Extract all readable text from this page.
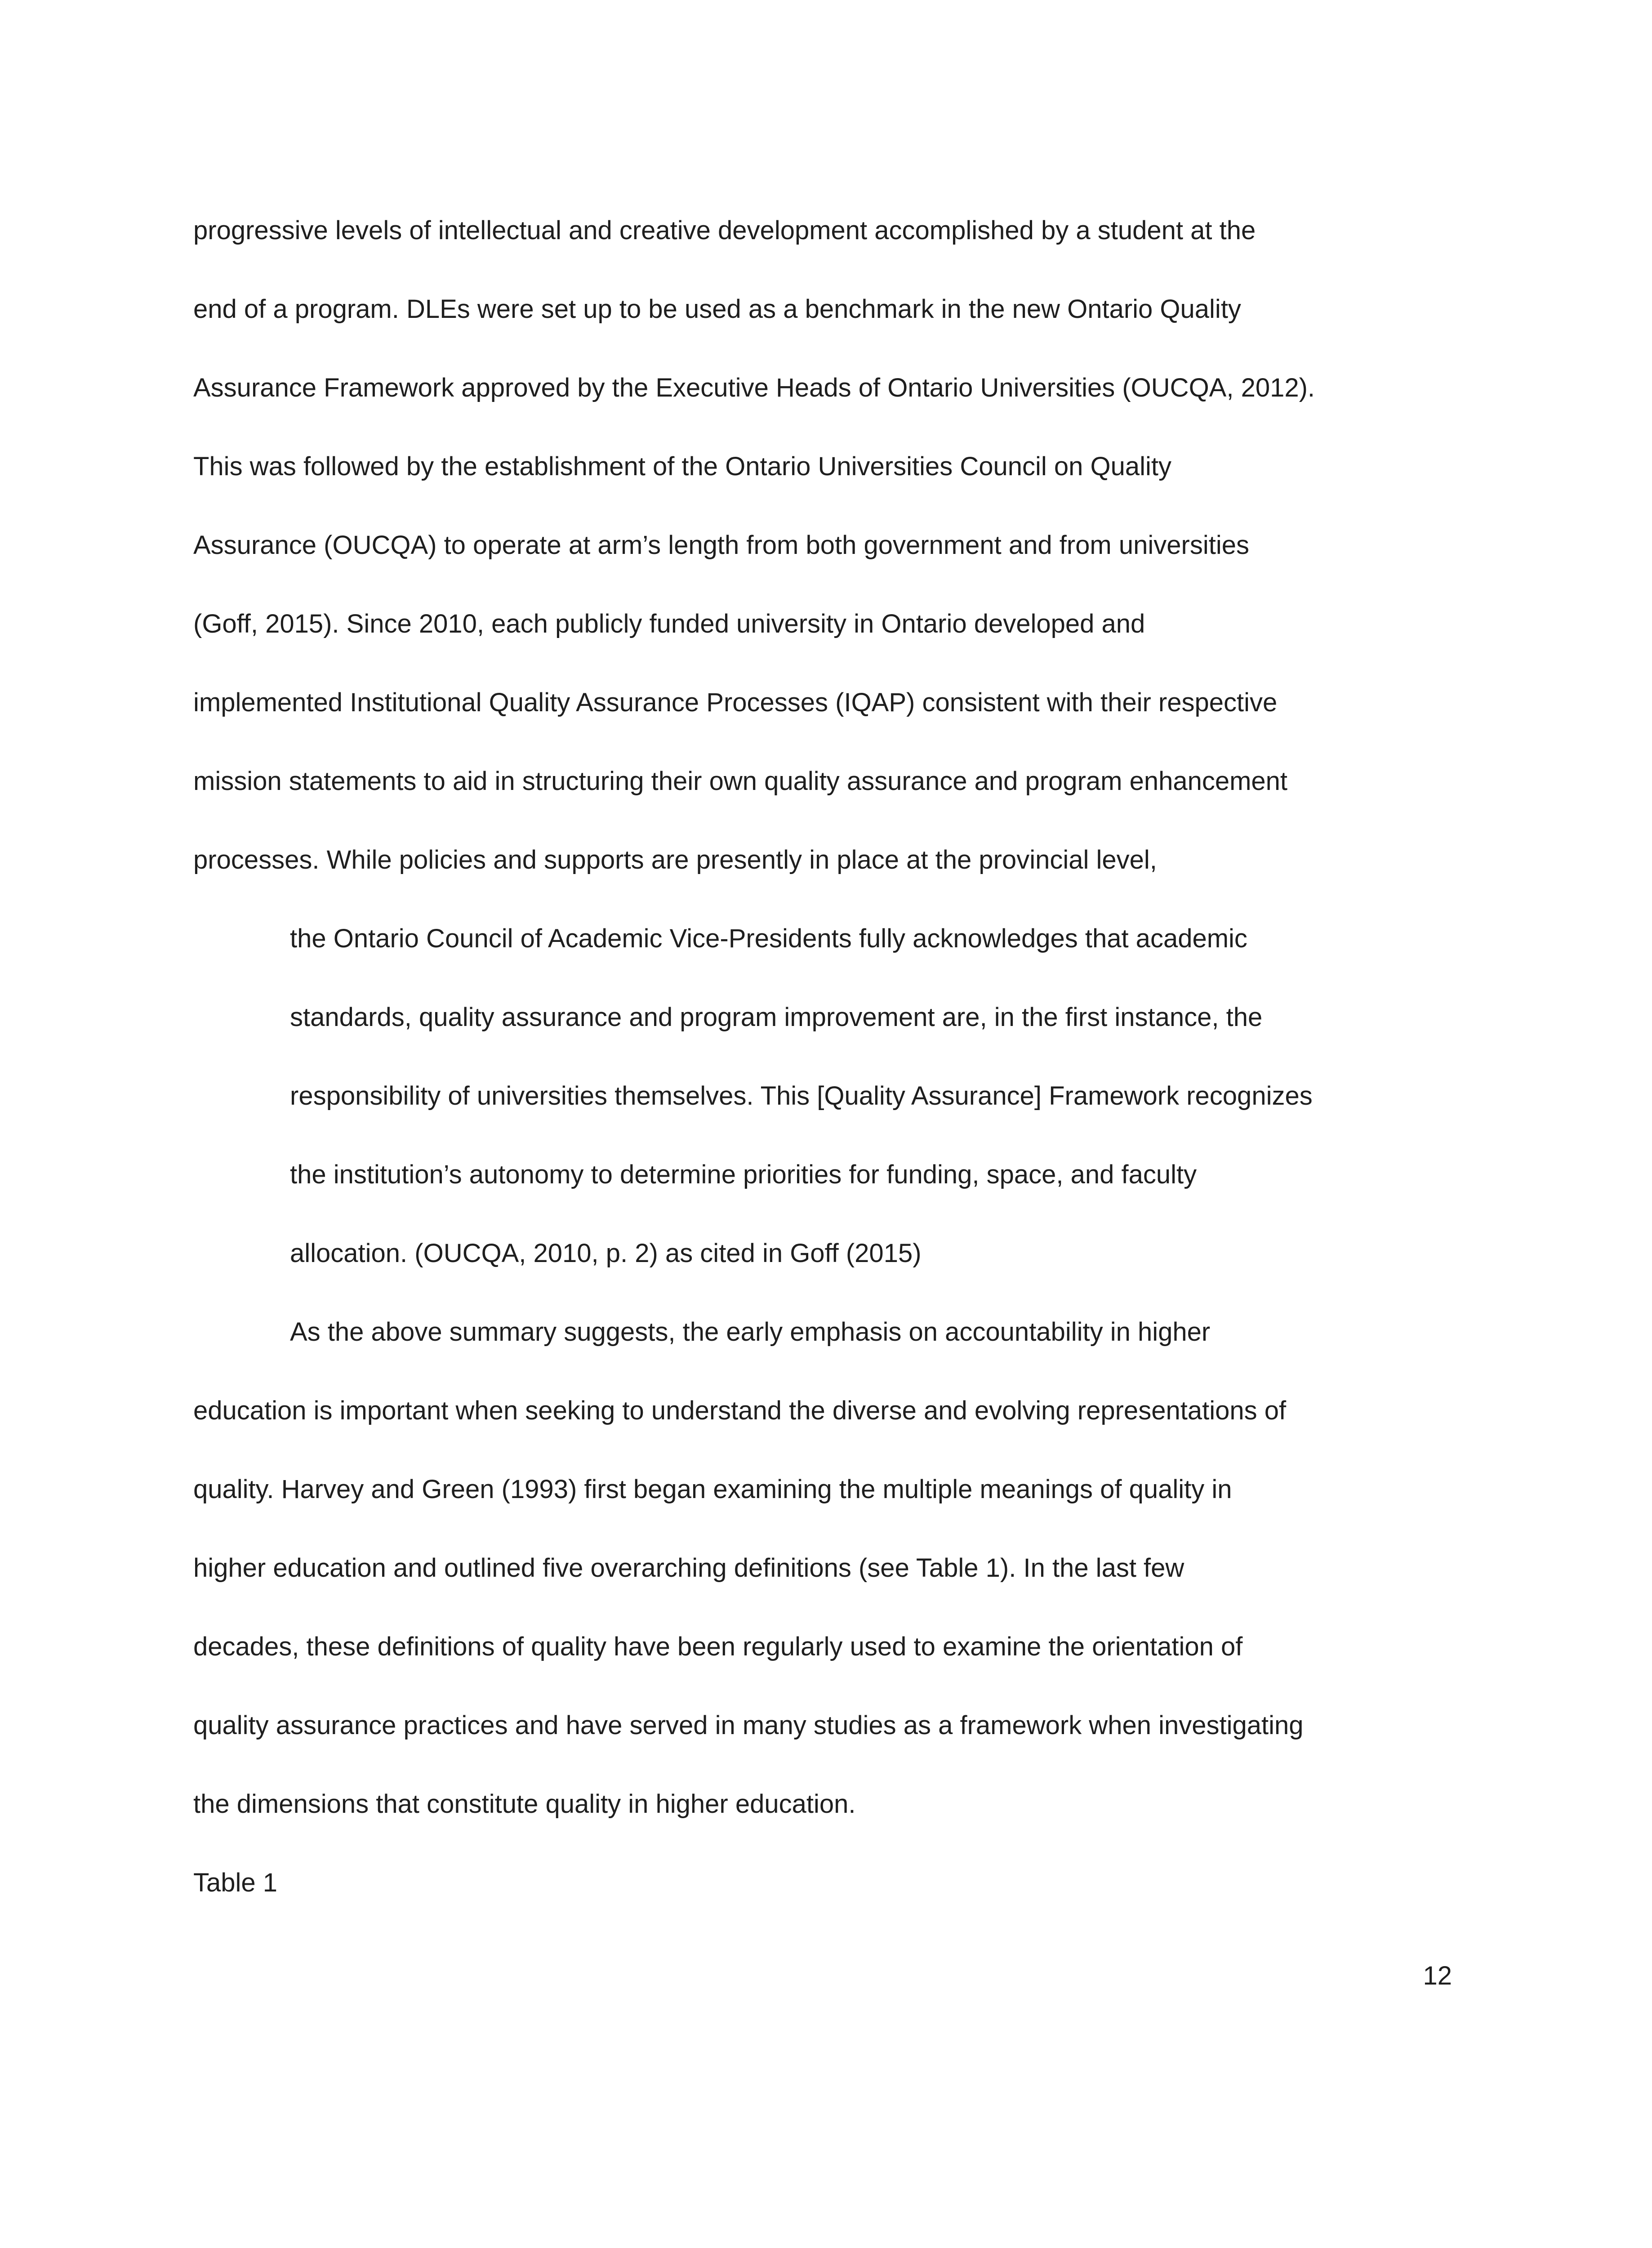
progressive levels of intellectual and creative development accomplished by a student at the
end of a program. DLEs were set up to be used as a benchmark in the new Ontario Quality
Assurance Framework approved by the Executive Heads of Ontario Universities (OUCQA, 2012).
This was followed by the establishment of the Ontario Universities Council on Quality
Assurance (OUCQA) to operate at arm’s length from both government and from universities
(Goff, 2015). Since 2010, each publicly funded university in Ontario developed and
implemented Institutional Quality Assurance Processes (IQAP) consistent with their respective
mission statements to aid in structuring their own quality assurance and program enhancement
processes. While policies and supports are presently in place at the provincial level,
the Ontario Council of Academic Vice-Presidents fully acknowledges that academic
standards, quality assurance and program improvement are, in the first instance, the
responsibility of universities themselves. This [Quality Assurance] Framework recognizes
the institution’s autonomy to determine priorities for funding, space, and faculty
allocation. (OUCQA, 2010, p. 2) as cited in Goff (2015)
As the above summary suggests, the early emphasis on accountability in higher
education is important when seeking to understand the diverse and evolving representations of
quality. Harvey and Green (1993) first began examining the multiple meanings of quality in
higher education and outlined five overarching definitions (see Table 1). In the last few
decades, these definitions of quality have been regularly used to examine the orientation of
quality assurance practices and have served in many studies as a framework when investigating
the dimensions that constitute quality in higher education.
Table 1
12
